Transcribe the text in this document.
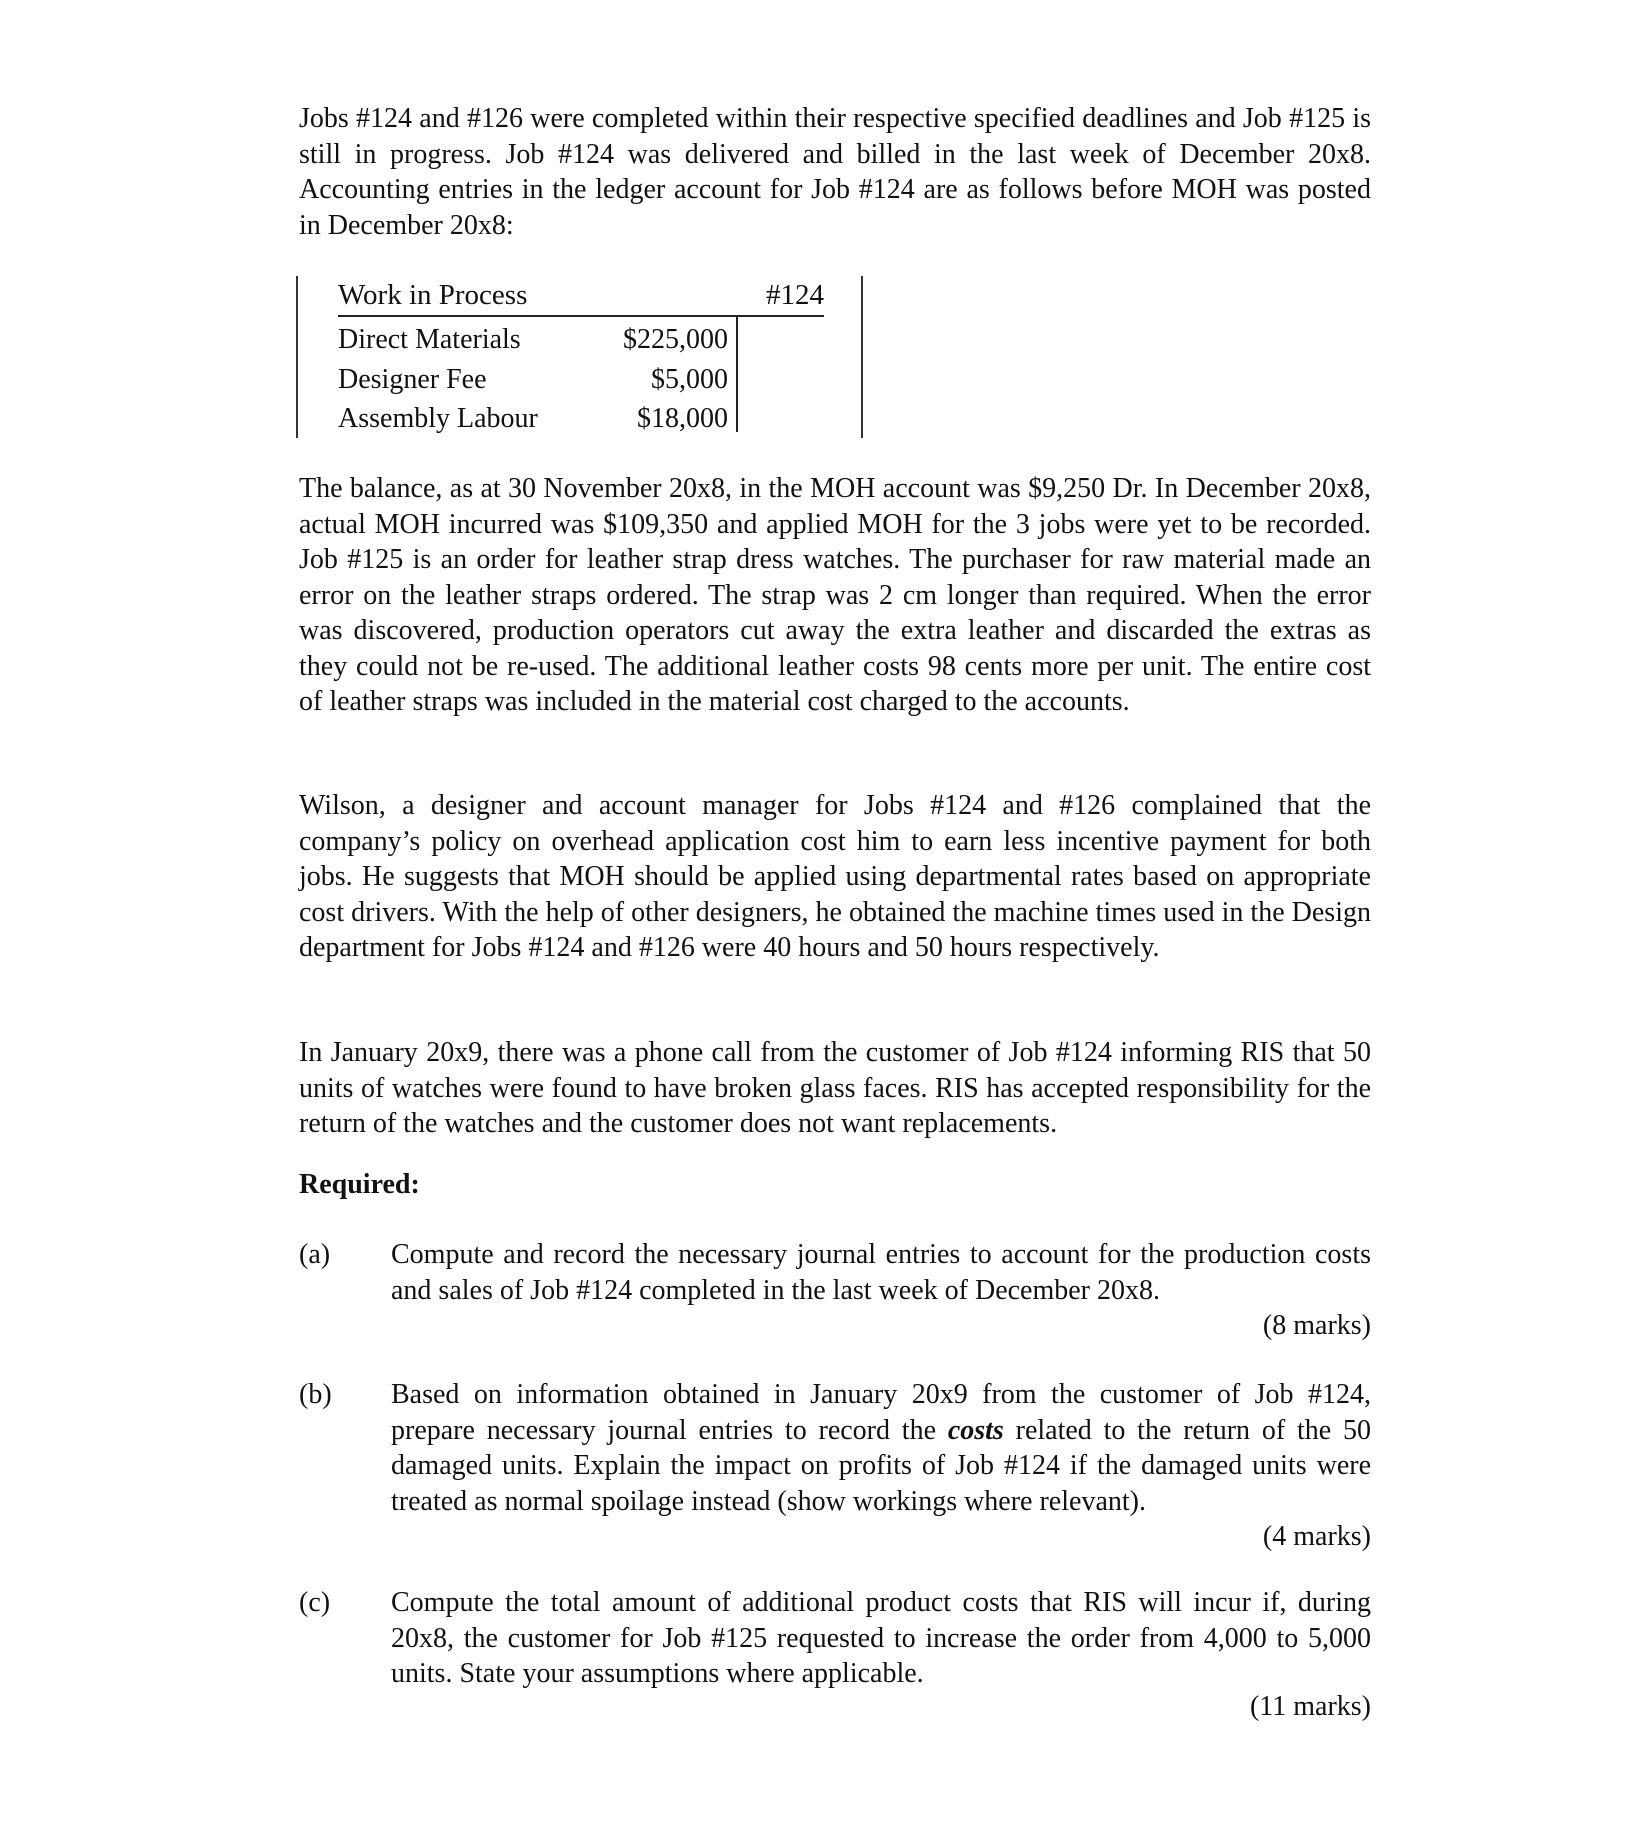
Jobs #124 and #126 were completed within their respective specified deadlines and Job #125 is still in progress. Job #124 was delivered and billed in the last week of December 20x8. Accounting entries in the ledger account for Job #124 are as follows before MOH was posted in December 20x8:

Work in Process	#124
Direct Materials	$225,000
Designer Fee	$5,000
Assembly Labour	$18,000

The balance, as at 30 November 20x8, in the MOH account was $9,250 Dr. In December 20x8, actual MOH incurred was $109,350 and applied MOH for the 3 jobs were yet to be recorded. Job #125 is an order for leather strap dress watches. The purchaser for raw material made an error on the leather straps ordered. The strap was 2 cm longer than required. When the error was discovered, production operators cut away the extra leather and discarded the extras as they could not be re-used. The additional leather costs 98 cents more per unit. The entire cost of leather straps was included in the material cost charged to the accounts.

Wilson, a designer and account manager for Jobs #124 and #126 complained that the company’s policy on overhead application cost him to earn less incentive payment for both jobs. He suggests that MOH should be applied using departmental rates based on appropriate cost drivers. With the help of other designers, he obtained the machine times used in the Design department for Jobs #124 and #126 were 40 hours and 50 hours respectively.

In January 20x9, there was a phone call from the customer of Job #124 informing RIS that 50 units of watches were found to have broken glass faces. RIS has accepted responsibility for the return of the watches and the customer does not want replacements.

Required:
(a) Compute and record the necessary journal entries to account for the production costs and sales of Job #124 completed in the last week of December 20x8.

(8 marks)
(b) Based on information obtained in January 20x9 from the customer of Job #124, prepare necessary journal entries to record the costs related to the return of the 50 damaged units. Explain the impact on profits of Job #124 if the damaged units were treated as normal spoilage instead (show workings where relevant).

(4 marks)
(c) Compute the total amount of additional product costs that RIS will incur if, during 20x8, the customer for Job #125 requested to increase the order from 4,000 to 5,000 units. State your assumptions where applicable.

(11 marks)
